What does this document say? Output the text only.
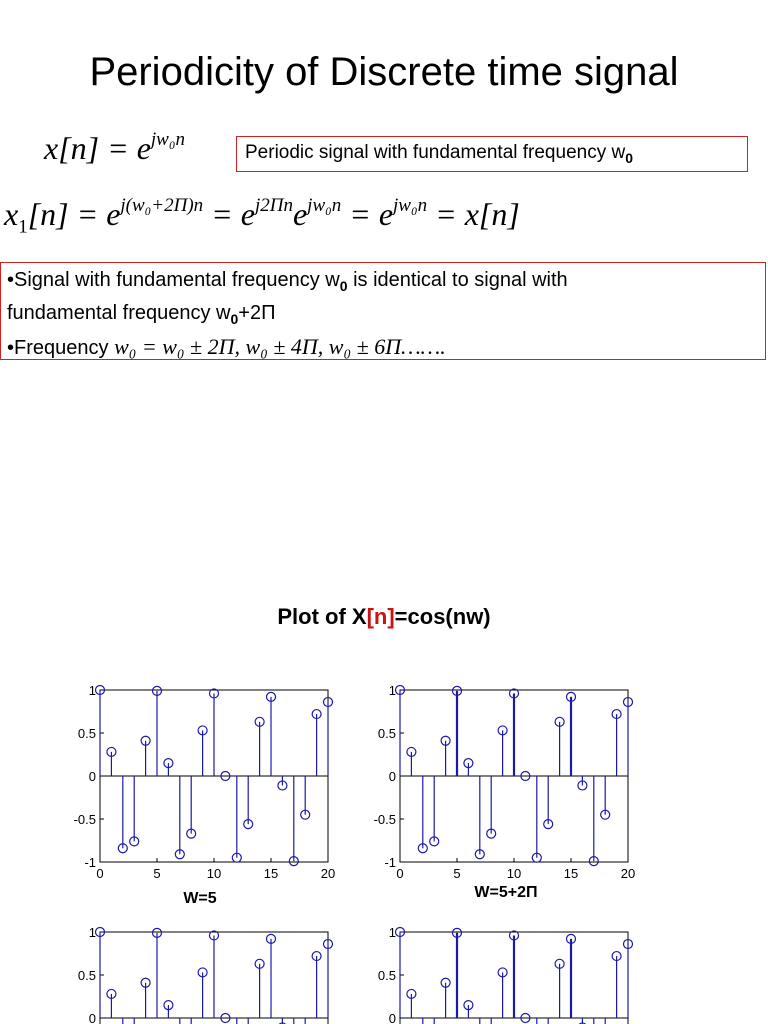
Periodicity of Discrete time signal
$x[n] = e^{jw_0n}$
Periodic signal with fundamental frequency $w_0$
$x_1[n] = e^{j(w_0+2\Pi)n} = e^{j2\Pi n}e^{jw_0n} = e^{jw_0n} = x[n]$
•Signal with fundamental frequency $w_0$ is identical to signal with
fundamental frequency $w_0+2\Pi$
•Frequency w₀ = w₀ ± 2Π, w₀ ± 4Π, w₀ ± 6Π…….
Plot of X[n]=cos(nw)
1
0.5
0
-0.5
-1
0	5	10	15	20
1
0.5
0
-0.5
-1
0	5	10	15	20
1
0.5
0
1
0.5
0
W=5	W=5+2Π
